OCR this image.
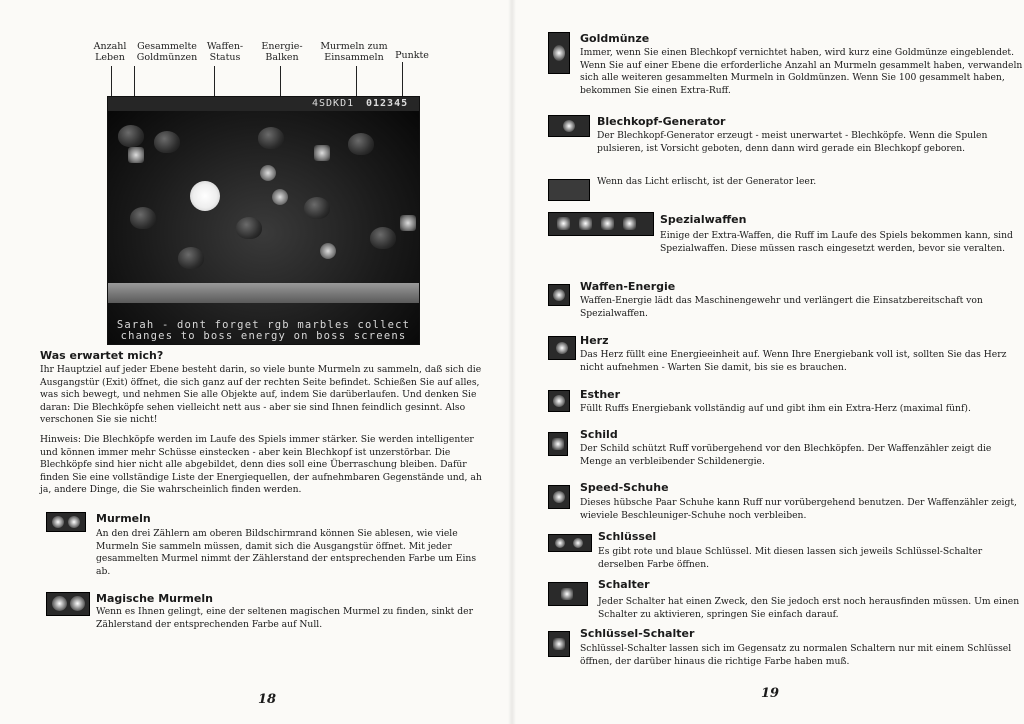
Anzahl
Leben
Gesammelte
Goldmünzen
Waffen-
Status
Energie-
Balken
Murmeln zum
Einsammeln	Punkte
4SDKD1 012345
Sarah - dont forget rgb marbles collect
changes to boss energy on boss screens
Was erwartet mich?

Ihr Hauptziel auf jeder Ebene besteht darin, so viele bunte Murmeln zu sammeln, daß sich die Ausgangstür (Exit) öffnet, die sich ganz auf der rechten Seite befindet. Schießen Sie auf alles, was sich bewegt, und nehmen Sie alle Objekte auf, indem Sie darüberlaufen. Und denken Sie daran: Die Blechköpfe sehen vielleicht nett aus - aber sie sind Ihnen feindlich gesinnt. Also verschonen Sie sie nicht!

Hinweis: Die Blechköpfe werden im Laufe des Spiels immer stärker. Sie werden intelligenter und können immer mehr Schüsse einstecken - aber kein Blechkopf ist unzerstörbar. Die Blechköpfe sind hier nicht alle abgebildet, denn dies soll eine Überraschung bleiben. Dafür finden Sie eine vollständige Liste der Energiequellen, der aufnehmbaren Gegenstände und, ah ja, andere Dinge, die Sie wahrscheinlich finden werden.

Murmeln

An den drei Zählern am oberen Bildschirmrand können Sie ablesen, wie viele Murmeln Sie sammeln müssen, damit sich die Ausgangstür öffnet. Mit jeder gesammelten Murmel nimmt der Zählerstand der entsprechenden Farbe um Eins ab.

Magische Murmeln

Wenn es Ihnen gelingt, eine der seltenen magischen Murmel zu finden, sinkt der Zählerstand der entsprechenden Farbe auf Null.

18
Goldmünze

Immer, wenn Sie einen Blechkopf vernichtet haben, wird kurz eine Goldmünze eingeblendet. Wenn Sie auf einer Ebene die erforderliche Anzahl an Murmeln gesammelt haben, verwandeln sich alle weiteren gesammelten Murmeln in Goldmünzen. Wenn Sie 100 gesammelt haben, bekommen Sie einen Extra-Ruff.

Blechkopf-Generator

Der Blechkopf-Generator erzeugt - meist unerwartet - Blechköpfe. Wenn die Spulen pulsieren, ist Vorsicht geboten, denn dann wird gerade ein Blechkopf geboren.

Wenn das Licht erlischt, ist der Generator leer.

Spezialwaffen

Einige der Extra-Waffen, die Ruff im Laufe des Spiels bekommen kann, sind Spezialwaffen. Diese müssen rasch eingesetzt werden, bevor sie veralten.

Waffen-Energie

Waffen-Energie lädt das Maschinengewehr und verlängert die Einsatzbereitschaft von Spezialwaffen.

Herz

Das Herz füllt eine Energieeinheit auf. Wenn Ihre Energiebank voll ist, sollten Sie das Herz nicht aufnehmen - Warten Sie damit, bis sie es brauchen.

Esther

Füllt Ruffs Energiebank vollständig auf und gibt ihm ein Extra-Herz (maximal fünf).

Schild

Der Schild schützt Ruff vorübergehend vor den Blechköpfen. Der Waffenzähler zeigt die Menge an verbleibender Schildenergie.

Speed-Schuhe

Dieses hübsche Paar Schuhe kann Ruff nur vorübergehend benutzen. Der Waffenzähler zeigt, wieviele Beschleuniger-Schuhe noch verbleiben.

Schlüssel

Es gibt rote und blaue Schlüssel. Mit diesen lassen sich jeweils Schlüssel-Schalter derselben Farbe öffnen.

Schalter

Jeder Schalter hat einen Zweck, den Sie jedoch erst noch herausfinden müssen. Um einen Schalter zu aktivieren, springen Sie einfach darauf.

Schlüssel-Schalter

Schlüssel-Schalter lassen sich im Gegensatz zu normalen Schaltern nur mit einem Schlüssel öffnen, der darüber hinaus die richtige Farbe haben muß.

19
